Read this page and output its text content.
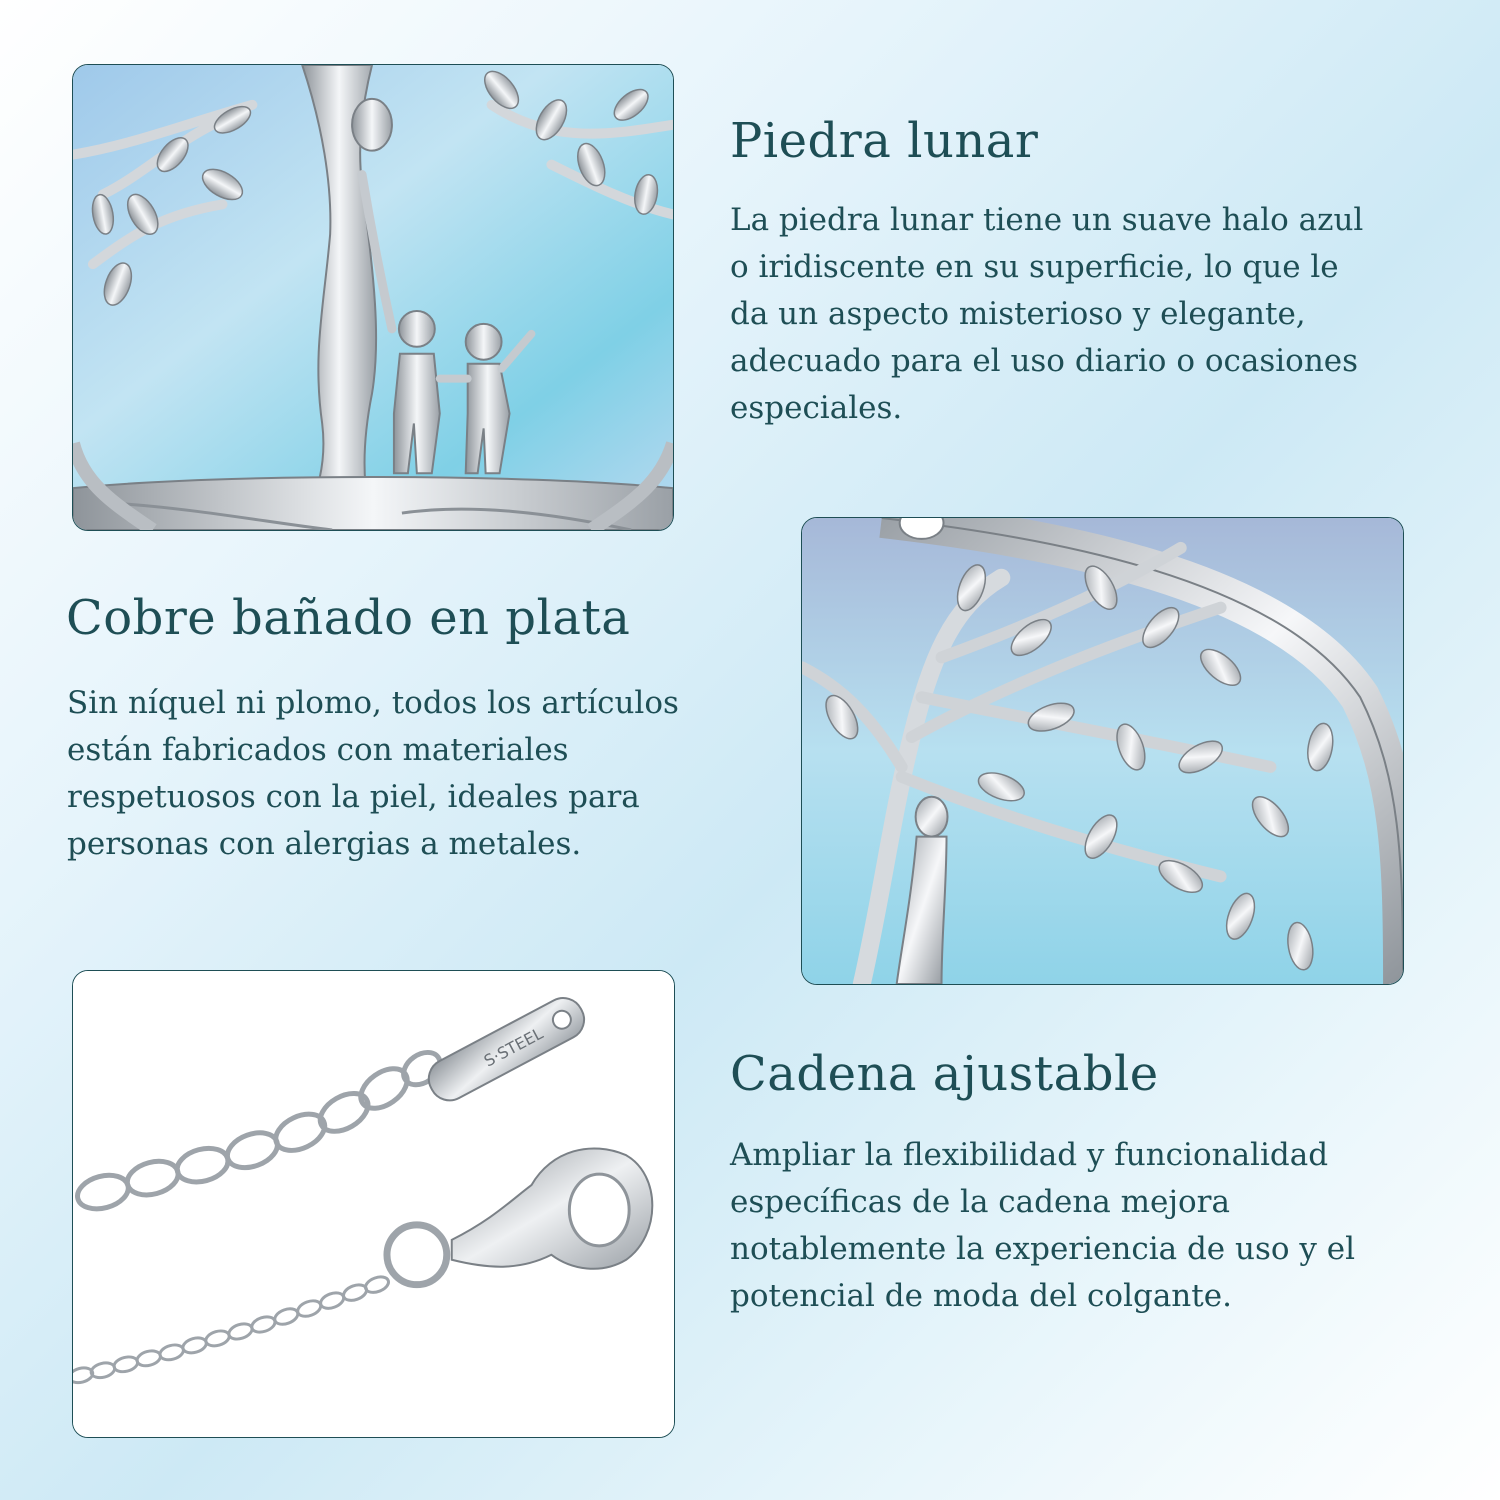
S·STEEL
Piedra lunar

La piedra lunar tiene un suave halo azul
o iridiscente en su superficie, lo que le
da un aspecto misterioso y elegante,
adecuado para el uso diario o ocasiones
especiales.

Cobre bañado en plata

Sin níquel ni plomo, todos los artículos
están fabricados con materiales
respetuosos con la piel, ideales para
personas con alergias a metales.

Cadena ajustable

Ampliar la flexibilidad y funcionalidad
específicas de la cadena mejora
notablemente la experiencia de uso y el
potencial de moda del colgante.
